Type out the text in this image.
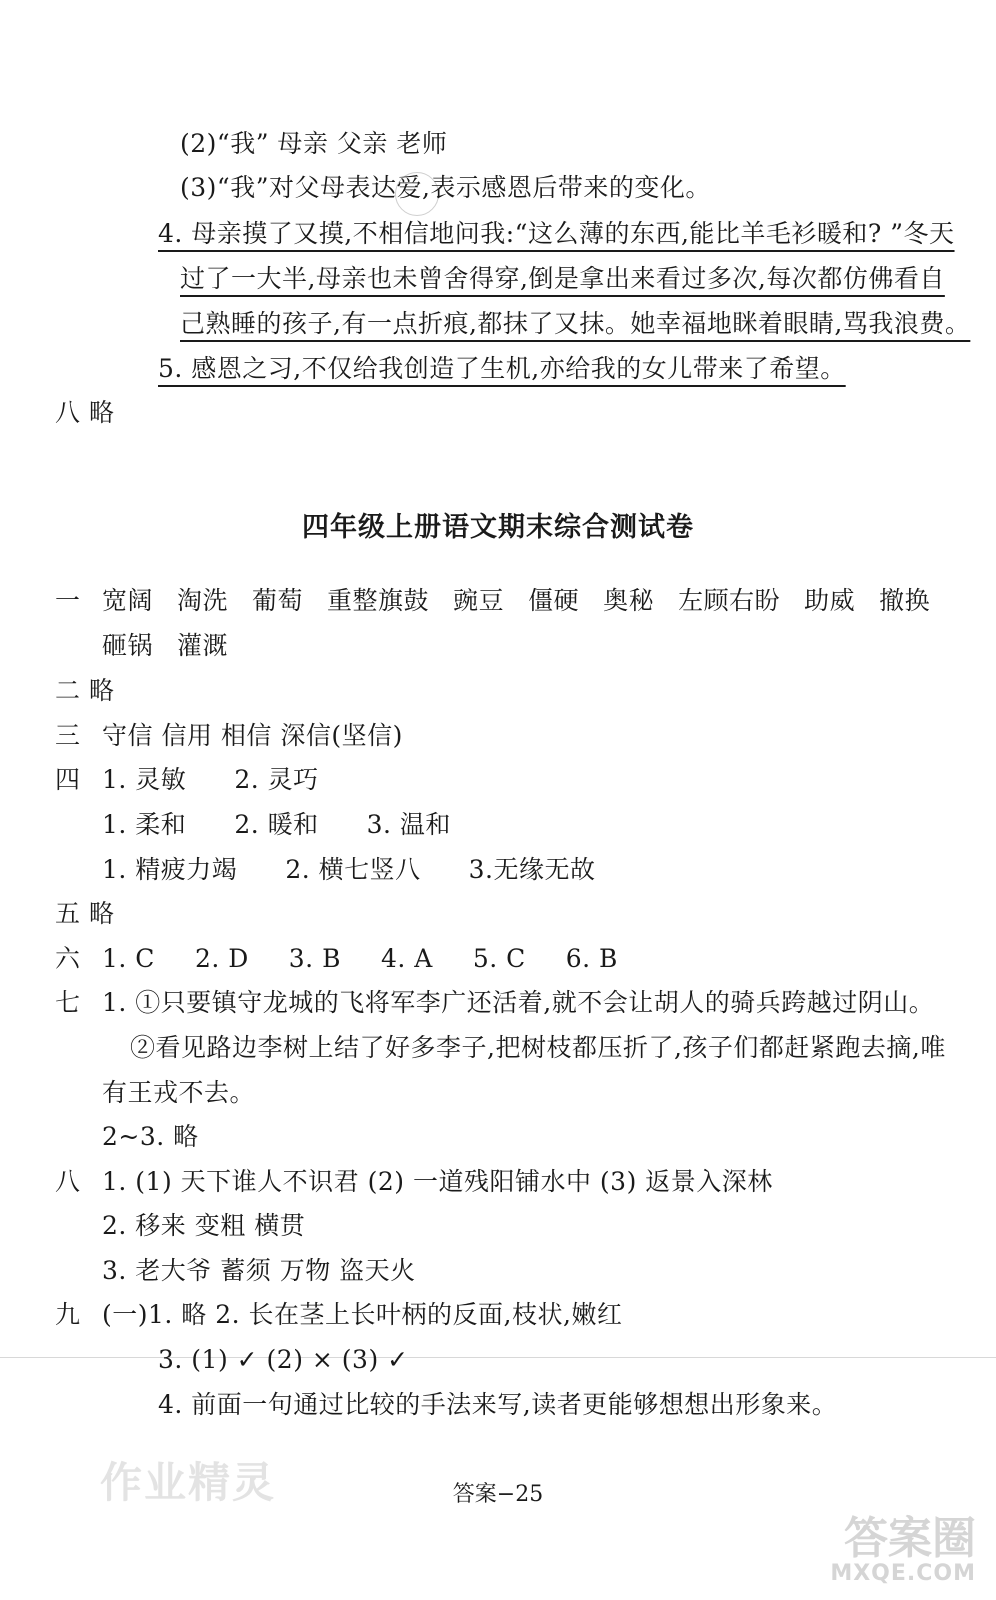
(2)“我” 母亲 父亲 老师
(3)“我”对父母表达爱,表示感恩后带来的变化。
4. 母亲摸了又摸,不相信地问我:“这么薄的东西,能比羊毛衫暖和? ”冬天
过了一大半,母亲也未曾舍得穿,倒是拿出来看过多次,每次都仿佛看自
己熟睡的孩子,有一点折痕,都抹了又抹。她幸福地眯着眼睛,骂我浪费。
5. 感恩之习,不仅给我创造了生机,亦给我的女儿带来了希望。
八 略
四年级上册语文期末综合测试卷
一 宽阔 淘洗 葡萄 重整旗鼓 豌豆 僵硬 奥秘 左顾右盼 助威 撤换
砸锅 灌溉
二 略
三 守信 信用 相信 深信(坚信)
四 1. 灵敏 2. 灵巧
1. 柔和 2. 暖和 3. 温和
1. 精疲力竭 2. 横七竖八 3.无缘无故
五 略
六 1. C 2. D 3. B 4. A 5. C 6. B
七 1. ①只要镇守龙城的飞将军李广还活着,就不会让胡人的骑兵跨越过阴山。
②看见路边李树上结了好多李子,把树枝都压折了,孩子们都赶紧跑去摘,唯
有王戎不去。
2~3. 略
八 1. (1) 天下谁人不识君 (2) 一道残阳铺水中 (3) 返景入深林
2. 移来 变粗 横贯
3. 老大爷 蓄须 万物 盗天火
九 (一)1. 略 2. 长在茎上长叶柄的反面,枝状,嫩红
3. (1) ✓ (2) × (3) ✓
4. 前面一句通过比较的手法来写,读者更能够想想出形象来。
作业精灵
答案圈
MXQE.COM
答案−25
